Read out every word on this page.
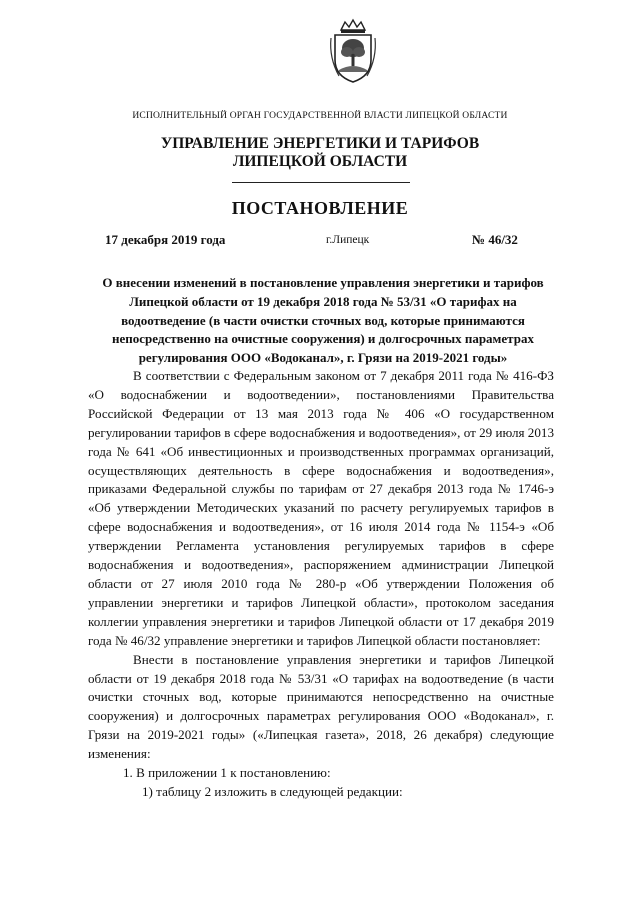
ИСПОЛНИТЕЛЬНЫЙ ОРГАН ГОСУДАРСТВЕННОЙ ВЛАСТИ ЛИПЕЦКОЙ ОБЛАСТИ
УПРАВЛЕНИЕ ЭНЕРГЕТИКИ И ТАРИФОВ
ЛИПЕЦКОЙ ОБЛАСТИ
ПОСТАНОВЛЕНИЕ
17 декабря 2019 года	г.Липецк	№ 46/32
О внесении изменений в постановление управления энергетики и тарифов Липецкой области от 19 декабря 2018 года № 53/31 «О тарифах на водоотведение (в части очистки сточных вод, которые принимаются непосредственно на очистные сооружения) и долгосрочных параметрах регулирования ООО «Водоканал», г. Грязи на 2019-2021 годы»

В соответствии с Федеральным законом от 7 декабря 2011 года № 416-ФЗ «О водоснабжении и водоотведении», постановлениями Правительства Российской Федерации от 13 мая 2013 года № 406 «О государственном регулировании тарифов в сфере водоснабжения и водоотведения», от 29 июля 2013 года № 641 «Об инвестиционных и производственных программах организаций, осуществляющих деятельность в сфере водоснабжения и водоотведения», приказами Федеральной службы по тарифам от 27 декабря 2013 года № 1746-э «Об утверждении Методических указаний по расчету регулируемых тарифов в сфере водоснабжения и водоотведения», от 16 июля 2014 года № 1154-э «Об утверждении Регламента установления регулируемых тарифов в сфере водоснабжения и водоотведения», распоряжением администрации Липецкой области от 27 июля 2010 года № 280-р «Об утверждении Положения об управлении энергетики и тарифов Липецкой области», протоколом заседания коллегии управления энергетики и тарифов Липецкой области от 17 декабря 2019 года № 46/32 управление энергетики и тарифов Липецкой области постановляет:

Внести в постановление управления энергетики и тарифов Липецкой области от 19 декабря 2018 года № 53/31 «О тарифах на водоотведение (в части очистки сточных вод, которые принимаются непосредственно на очистные сооружения) и долгосрочных параметрах регулирования ООО «Водоканал», г. Грязи на 2019-2021 годы» («Липецкая газета», 2018, 26 декабря) следующие изменения:

1. В приложении 1 к постановлению:

1) таблицу 2 изложить в следующей редакции:
